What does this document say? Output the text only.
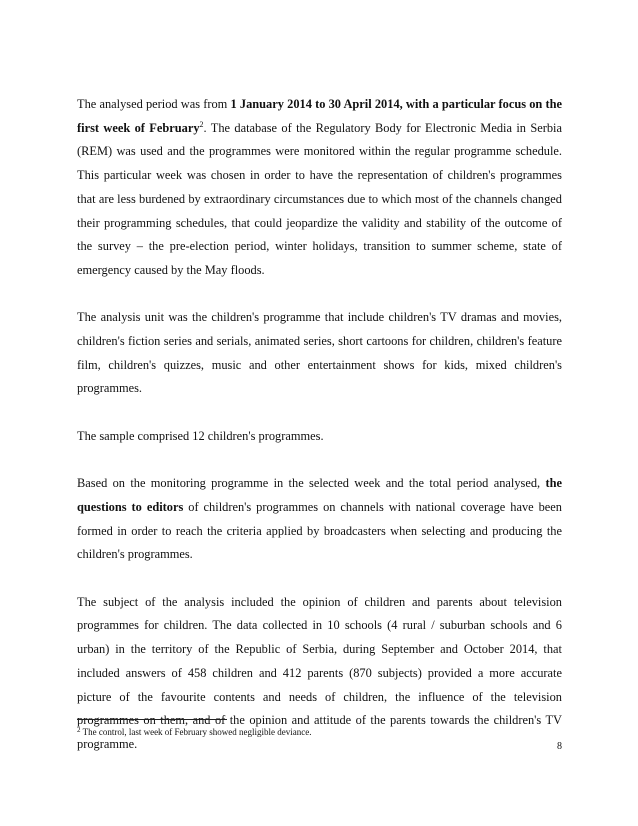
The analysed period was from 1 January 2014 to 30 April 2014, with a particular focus on the first week of February$^2$. The database of the Regulatory Body for Electronic Media in Serbia (REM) was used and the programmes were monitored within the regular programme schedule. This particular week was chosen in order to have the representation of children's programmes that are less burdened by extraordinary circumstances due to which most of the channels changed their programming schedules, that could jeopardize the validity and stability of the outcome of the survey – the pre-election period, winter holidays, transition to summer scheme, state of emergency caused by the May floods.

The analysis unit was the children's programme that include children's TV dramas and movies, children's fiction series and serials, animated series, short cartoons for children, children's feature film, children's quizzes, music and other entertainment shows for kids, mixed children's programmes.

The sample comprised 12 children's programmes.

Based on the monitoring programme in the selected week and the total period analysed, the questions to editors of children's programmes on channels with national coverage have been formed in order to reach the criteria applied by broadcasters when selecting and producing the children's programmes.

The subject of the analysis included the opinion of children and parents about television programmes for children. The data collected in 10 schools (4 rural / suburban schools and 6 urban) in the territory of the Republic of Serbia, during September and October 2014, that included answers of 458 children and 412 parents (870 subjects) provided a more accurate picture of the favourite contents and needs of children, the influence of the television programmes on them, and of the opinion and attitude of the parents towards the children's TV programme.

$^2$ The control, last week of February showed negligible deviance.
8
